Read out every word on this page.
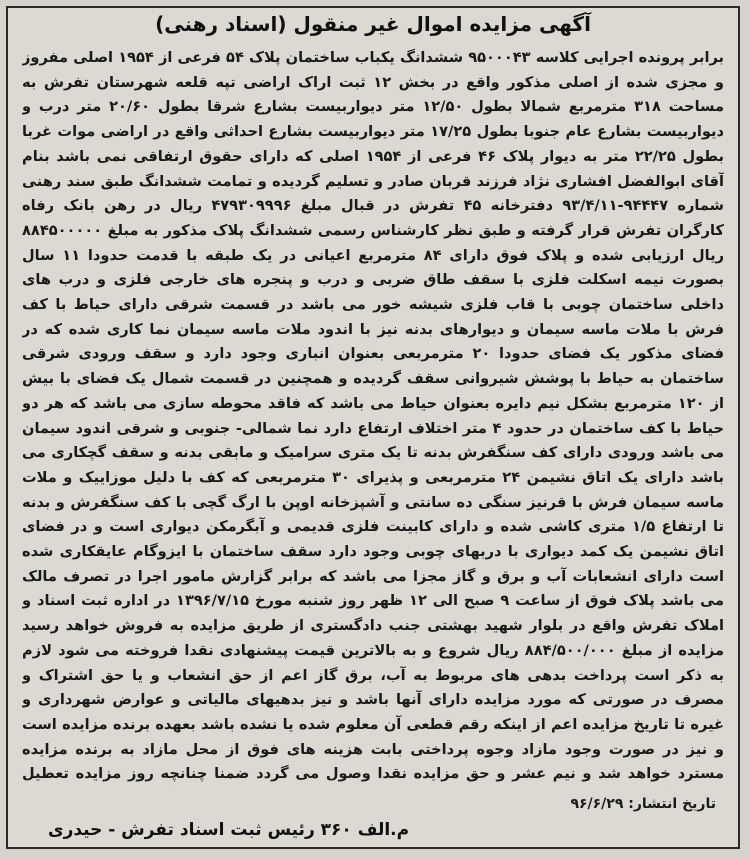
آگهی مزایده اموال غیر منقول (اسناد رهنی)
برابر پرونده اجرایی کلاسه ۹۵۰۰۰۴۳ ششدانگ یکباب ساختمان پلاک ۵۴ فرعی از ۱۹۵۴ اصلی مفروز و مجزی شده از اصلی مذکور واقع در بخش ۱۲ ثبت اراک اراضی تپه قلعه شهرستان تفرش به مساحت ۳۱۸ مترمربع شمالا بطول ۱۲/۵۰ متر دیواربیست بشارع شرقا بطول ۲۰/۶۰ متر درب و دیواربیست بشارع عام جنوبا بطول ۱۷/۲۵ متر دیواربیست بشارع احداثی واقع در اراضی موات غربا بطول ۲۲/۲۵ متر به دیوار پلاک ۴۶ فرعی از ۱۹۵۴ اصلی که دارای حقوق ارتفاقی نمی باشد بنام آقای ابوالفضل افشاری نژاد فرزند قربان صادر و تسلیم گردیده و تمامت ششدانگ طبق سند رهنی شماره ۹۴۴۴۷-۹۳/۴/۱۱ دفترخانه ۴۵ تفرش در قبال مبلغ ۴۷۹۳۰۹۹۹۶ ریال در رهن بانک رفاه کارگران تفرش قرار گرفته و طبق نظر کارشناس رسمی ششدانگ پلاک مذکور به مبلغ ۸۸۴۵۰۰۰۰۰ ریال ارزیابی شده و پلاک فوق دارای ۸۴ مترمربع اعیانی در یک طبقه با قدمت حدودا ۱۱ سال بصورت نیمه اسکلت فلزی با سقف طاق ضربی و درب و پنجره های خارجی فلزی و درب های داخلی ساختمان چوبی با قاب فلزی شیشه خور می باشد در قسمت شرقی دارای حیاط با کف فرش با ملات ماسه سیمان و دیوارهای بدنه نیز با اندود ملات ماسه سیمان نما کاری شده که در فضای مذکور یک فضای حدودا ۲۰ مترمربعی بعنوان انباری وجود دارد و سقف ورودی شرقی ساختمان به حیاط با پوشش شیروانی سقف گردیده و همچنین در قسمت شمال یک فضای با بیش از ۱۲۰ مترمربع بشکل نیم دایره بعنوان حیاط می باشد که فاقد محوطه سازی می باشد که هر دو حیاط با کف ساختمان در حدود ۴ متر اختلاف ارتفاع دارد نما شمالی- جنوبی و شرقی اندود سیمان می باشد ورودی دارای کف سنگفرش بدنه تا یک متری سرامیک و مابقی بدنه و سقف گچکاری می باشد دارای یک اتاق نشیمن ۲۴ مترمربعی و پذیرای ۳۰ مترمربعی که کف با دلیل موزاییک و ملات ماسه سیمان فرش با قرنیز سنگی ده سانتی و آشپزخانه اوپن با ارگ گچی با کف سنگفرش و بدنه تا ارتفاع ۱/۵ متری کاشی شده و دارای کابینت فلزی قدیمی و آبگرمکن دیواری است و در فضای اتاق نشیمن یک کمد دیواری با دربهای چوبی وجود دارد سقف ساختمان با ایزوگام عایقکاری شده است دارای انشعابات آب و برق و گاز مجزا می باشد که برابر گزارش مامور اجرا در تصرف مالک می باشد پلاک فوق از ساعت ۹ صبح الی ۱۲ ظهر روز شنبه مورخ ۱۳۹۶/۷/۱۵ در اداره ثبت اسناد و املاک تفرش واقع در بلوار شهید بهشتی جنب دادگستری از طریق مزایده به فروش خواهد رسید مزایده از مبلغ ۸۸۴/۵۰۰/۰۰۰ ریال شروع و به بالاترین قیمت پیشنهادی نقدا فروخته می شود لازم به ذکر است پرداخت بدهی های مربوط به آب، برق گاز اعم از حق انشعاب و یا حق اشتراک و مصرف در صورتی که مورد مزایده دارای آنها باشد و نیز بدهیهای مالیاتی و عوارض شهرداری و غیره تا تاریخ مزایده اعم از اینکه رقم قطعی آن معلوم شده یا نشده باشد بعهده برنده مزایده است و نیز در صورت وجود مازاد وجوه پرداختی بابت هزینه های فوق از محل مازاد به برنده مزایده مسترد خواهد شد و نیم عشر و حق مزایده نقدا وصول می گردد ضمنا چنانچه روز مزایده تعطیل
تاریخ انتشار: ۹۶/۶/۲۹
م.الف ۳۶۰ رئیس ثبت اسناد تفرش - حیدری
